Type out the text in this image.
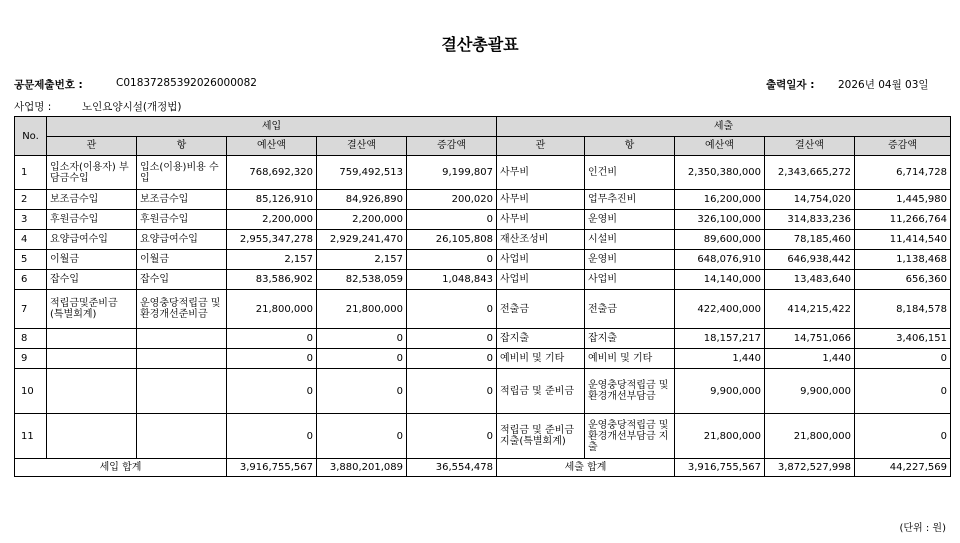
결산총괄표
공문제출번호 :	C01837285392026000082	출력일자 : 2026년 04월 03일
사업명 :	노인요양시설(개정법)
No.	세입					세출				
	관	항	예산액	결산액	증감액	관	항	예산액	결산액	증감액
1	입소자(이용자) 부담금수입	입소(이용)비용 수입	768,692,320	759,492,513	9,199,807	사무비	인건비	2,350,380,000	2,343,665,272	6,714,728
2	보조금수입	보조금수입	85,126,910	84,926,890	200,020	사무비	업무추진비	16,200,000	14,754,020	1,445,980
3	후원금수입	후원금수입	2,200,000	2,200,000	0	사무비	운영비	326,100,000	314,833,236	11,266,764
4	요양급여수입	요양급여수입	2,955,347,278	2,929,241,470	26,105,808	재산조성비	시설비	89,600,000	78,185,460	11,414,540
5	이월금	이월금	2,157	2,157	0	사업비	운영비	648,076,910	646,938,442	1,138,468
6	잡수입	잡수입	83,586,902	82,538,059	1,048,843	사업비	사업비	14,140,000	13,483,640	656,360
7	적립금및준비금 (특별회계)	운영충당적립금 및환경개선준비금	21,800,000	21,800,000	0	전출금	전출금	422,400,000	414,215,422	8,184,578
8			0	0	0	잡지출	잡지출	18,157,217	14,751,066	3,406,151
9			0	0	0	예비비 및 기타	예비비 및 기타	1,440	1,440	0
10			0	0	0	적립금 및 준비금	운영충당적립금 및 환경개선부담금	9,900,000	9,900,000	0
11			0	0	0	적립금 및 준비금 지출(특별회계)	운영충당적립금 및 환경개선부담금 지출	21,800,000	21,800,000	0
세입 합계			3,916,755,567	3,880,201,089	36,554,478	세출 합계		3,916,755,567	3,872,527,998	44,227,569
(단위 : 원)
